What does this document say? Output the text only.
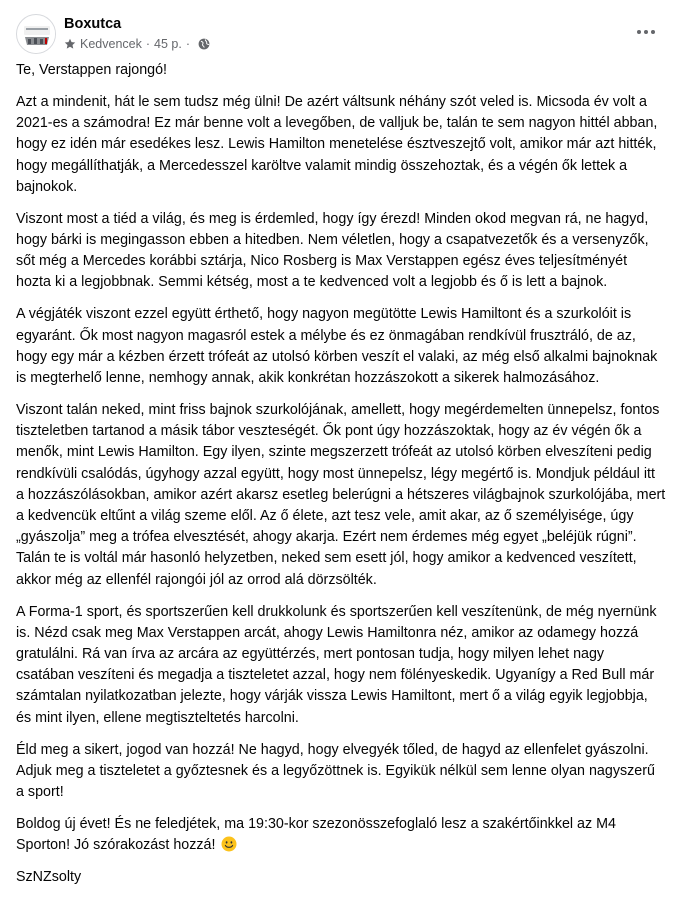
Boxutca
Kedvencek · 45 p. ·

Te, Verstappen rajongó!

Azt a mindenit, hát le sem tudsz még ülni! De azért váltsunk néhány szót veled is. Micsoda év volt a 2021-es a számodra! Ez már benne volt a levegőben, de valljuk be, talán te sem nagyon hittél abban, hogy ez idén már esedékes lesz. Lewis Hamilton menetelése észtveszejtő volt, amikor már azt hitték, hogy megállíthatják, a Mercedesszel karöltve valamit mindig összehoztak, és a végén ők lettek a bajnokok.

Viszont most a tiéd a világ, és meg is érdemled, hogy így érezd! Minden okod megvan rá, ne hagyd, hogy bárki is megingasson ebben a hitedben. Nem véletlen, hogy a csapatvezetők és a versenyzők, sőt még a Mercedes korábbi sztárja, Nico Rosberg is Max Verstappen egész éves teljesítményét hozta ki a legjobbnak. Semmi kétség, most a te kedvenced volt a legjobb és ő is lett a bajnok.

A végjáték viszont ezzel együtt érthető, hogy nagyon megütötte Lewis Hamiltont és a szurkolóit is egyaránt. Ők most nagyon magasról estek a mélybe és ez önmagában rendkívül frusztráló, de az, hogy egy már a kézben érzett trófeát az utolsó körben veszít el valaki, az még első alkalmi bajnoknak is megterhelő lenne, nemhogy annak, akik konkrétan hozzászokott a sikerek halmozásához.

Viszont talán neked, mint friss bajnok szurkolójának, amellett, hogy megérdemelten ünnepelsz, fontos tiszteletben tartanod a másik tábor veszteségét. Ők pont úgy hozzászoktak, hogy az év végén ők a menők, mint Lewis Hamilton. Egy ilyen, szinte megszerzett trófeát az utolsó körben elveszíteni pedig rendkívüli csalódás, úgyhogy azzal együtt, hogy most ünnepelsz, légy megértő is. Mondjuk például itt a hozzászólásokban, amikor azért akarsz esetleg belerúgni a hétszeres világbajnok szurkolójába, mert a kedvencük eltűnt a világ szeme elől. Az ő élete, azt tesz vele, amit akar, az ő személyisége, úgy „gyászolja” meg a trófea elvesztését, ahogy akarja. Ezért nem érdemes még egyet „beléjük rúgni”. Talán te is voltál már hasonló helyzetben, neked sem esett jól, hogy amikor a kedvenced veszített, akkor még az ellenfél rajongói jól az orrod alá dörzsölték.

A Forma-1 sport, és sportszerűen kell drukkolunk és sportszerűen kell veszítenünk, de még nyernünk is. Nézd csak meg Max Verstappen arcát, ahogy Lewis Hamiltonra néz, amikor az odamegy hozzá gratulálni. Rá van írva az arcára az együttérzés, mert pontosan tudja, hogy milyen lehet nagy csatában veszíteni és megadja a tiszteletet azzal, hogy nem fölényeskedik. Ugyanígy a Red Bull már számtalan nyilatkozatban jelezte, hogy várják vissza Lewis Hamiltont, mert ő a világ egyik legjobbja, és mint ilyen, ellene megtiszteltetés harcolni.

Éld meg a sikert, jogod van hozzá! Ne hagyd, hogy elvegyék tőled, de hagyd az ellenfelet gyászolni. Adjuk meg a tiszteletet a győztesnek és a legyőzöttnek is. Egyikük nélkül sem lenne olyan nagyszerű a sport!

Boldog új évet! És ne feledjétek, ma 19:30-kor szezonösszefoglaló lesz a szakértőinkkel az M4 Sporton! Jó szórakozást hozzá!

SzNZsolty
